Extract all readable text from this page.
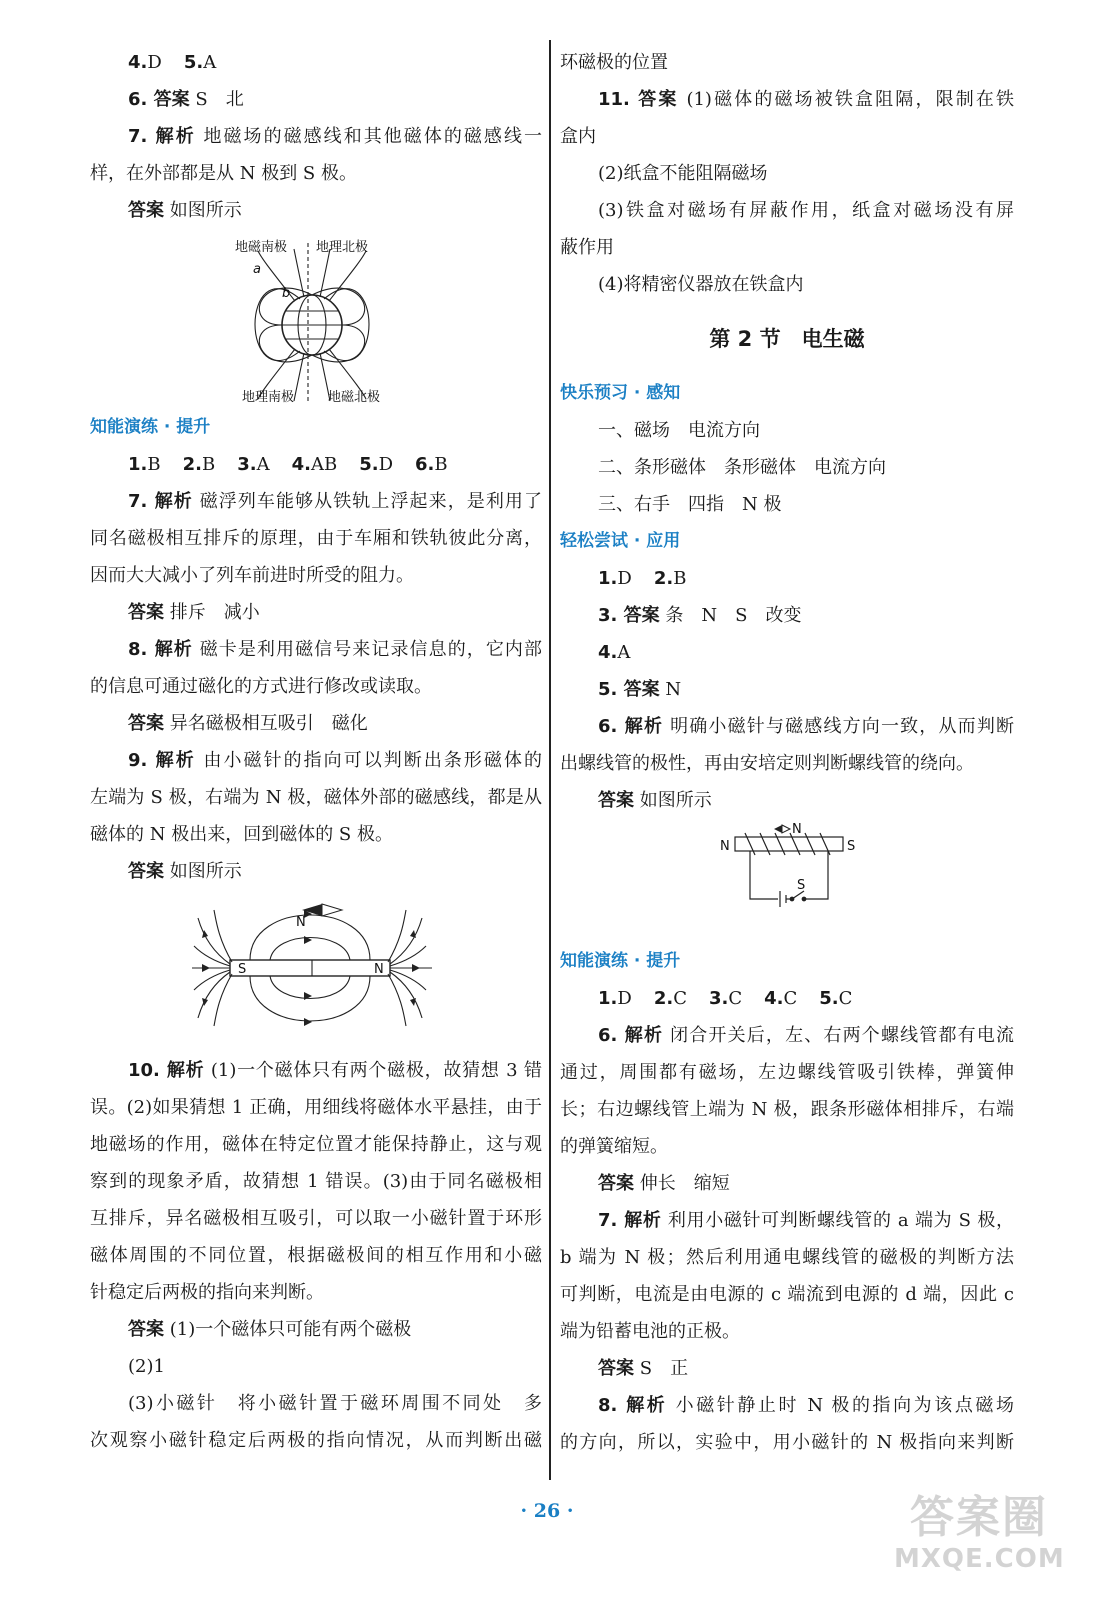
4.D 5.A
6. 答案 S　北
7. 解析 地磁场的磁感线和其他磁体的磁感线一
样，在外部都是从 N 极到 S 极。
答案 如图所示
地磁南极 地理北极
地理南极	地磁北极
a
b
知能演练 · 提升
1.B 2.B 3.A 4.AB 5.D 6.B
7. 解析 磁浮列车能够从铁轨上浮起来，是利用了
同名磁极相互排斥的原理，由于车厢和铁轨彼此分离，
因而大大减小了列车前进时所受的阻力。
答案 排斥　减小
8. 解析 磁卡是利用磁信号来记录信息的，它内部
的信息可通过磁化的方式进行修改或读取。
答案 异名磁极相互吸引　磁化
9. 解析 由小磁针的指向可以判断出条形磁体的
左端为 S 极，右端为 N 极，磁体外部的磁感线，都是从
磁体的 N 极出来，回到磁体的 S 极。
答案 如图所示
N
S	N
10. 解析 (1)一个磁体只有两个磁极，故猜想 3 错
误。(2)如果猜想 1 正确，用细线将磁体水平悬挂，由于
地磁场的作用，磁体在特定位置才能保持静止，这与观
察到的现象矛盾，故猜想 1 错误。(3)由于同名磁极相
互排斥，异名磁极相互吸引，可以取一小磁针置于环形
磁体周围的不同位置，根据磁极间的相互作用和小磁
针稳定后两极的指向来判断。
答案 (1)一个磁体只可能有两个磁极
(2)1
(3)小磁针　将小磁针置于磁环周围不同处　多
次观察小磁针稳定后两极的指向情况，从而判断出磁
环磁极的位置
11. 答案 (1)磁体的磁场被铁盒阻隔，限制在铁
盒内
(2)纸盒不能阻隔磁场
(3)铁盒对磁场有屏蔽作用，纸盒对磁场没有屏
蔽作用
(4)将精密仪器放在铁盒内
第 2 节　电生磁
快乐预习 · 感知
一、磁场　电流方向
二、条形磁体　条形磁体　电流方向
三、右手　四指　N 极
轻松尝试 · 应用
1.D 2.B
3. 答案 条　N　S　改变
4.A
5. 答案 N
6. 解析 明确小磁针与磁感线方向一致，从而判断
出螺线管的极性，再由安培定则判断螺线管的绕向。
答案 如图所示
N
N	S
S
知能演练 · 提升
1.D 2.C 3.C 4.C 5.C
6. 解析 闭合开关后，左、右两个螺线管都有电流
通过，周围都有磁场，左边螺线管吸引铁棒，弹簧伸
长；右边螺线管上端为 N 极，跟条形磁体相排斥，右端
的弹簧缩短。
答案 伸长　缩短
7. 解析 利用小磁针可判断螺线管的 a 端为 S 极，
b 端为 N 极；然后利用通电螺线管的磁极的判断方法
可判断，电流是由电源的 c 端流到电源的 d 端，因此 c
端为铅蓄电池的正极。
答案 S　正
8. 解析 小磁针静止时 N 极的指向为该点磁场
的方向，所以，实验中，用小磁针的 N 极指向来判断
· 26 ·	答案圈
MXQE.COM
